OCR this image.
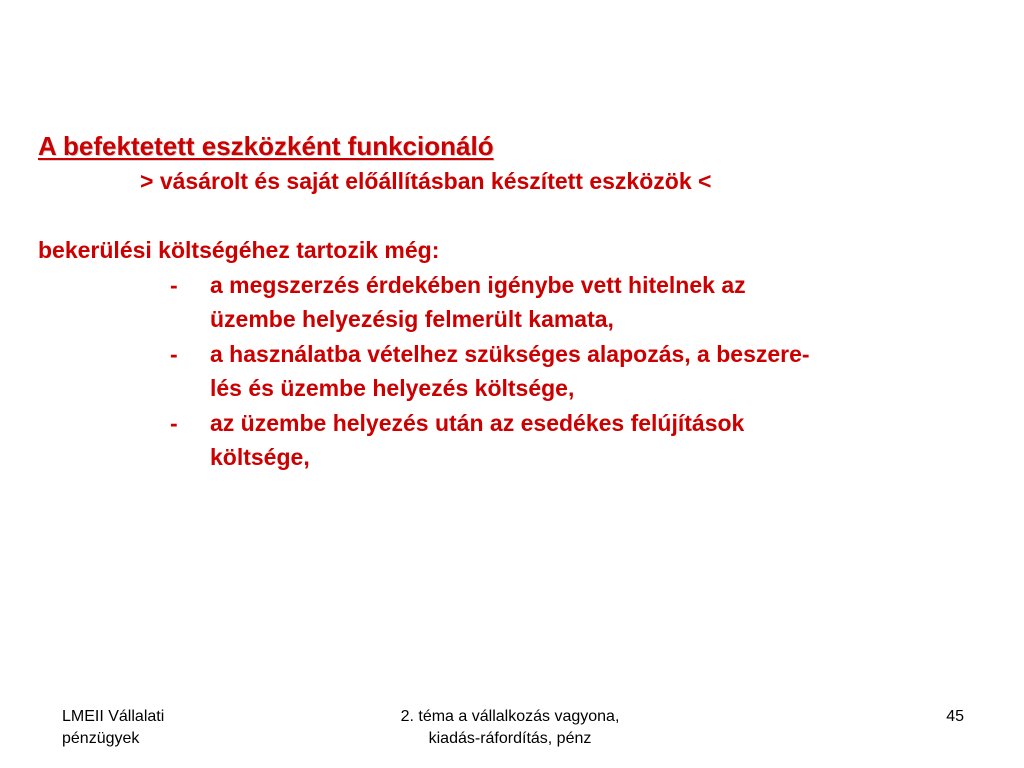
A befektetett eszközként funkcionáló
> vásárolt és saját előállításban készített eszközök <
bekerülési költségéhez tartozik még:
- a megszerzés érdekében igénybe vett hitelnek az
üzembe helyezésig felmerült kamata,
- a használatba vételhez szükséges alapozás, a beszere-
lés és üzembe helyezés költsége,
- az üzembe helyezés után az esedékes felújítások
költsége,
LMEII Vállalati
pénzügyek
2. téma a vállalkozás vagyona,
kiadás-ráfordítás, pénz
45
